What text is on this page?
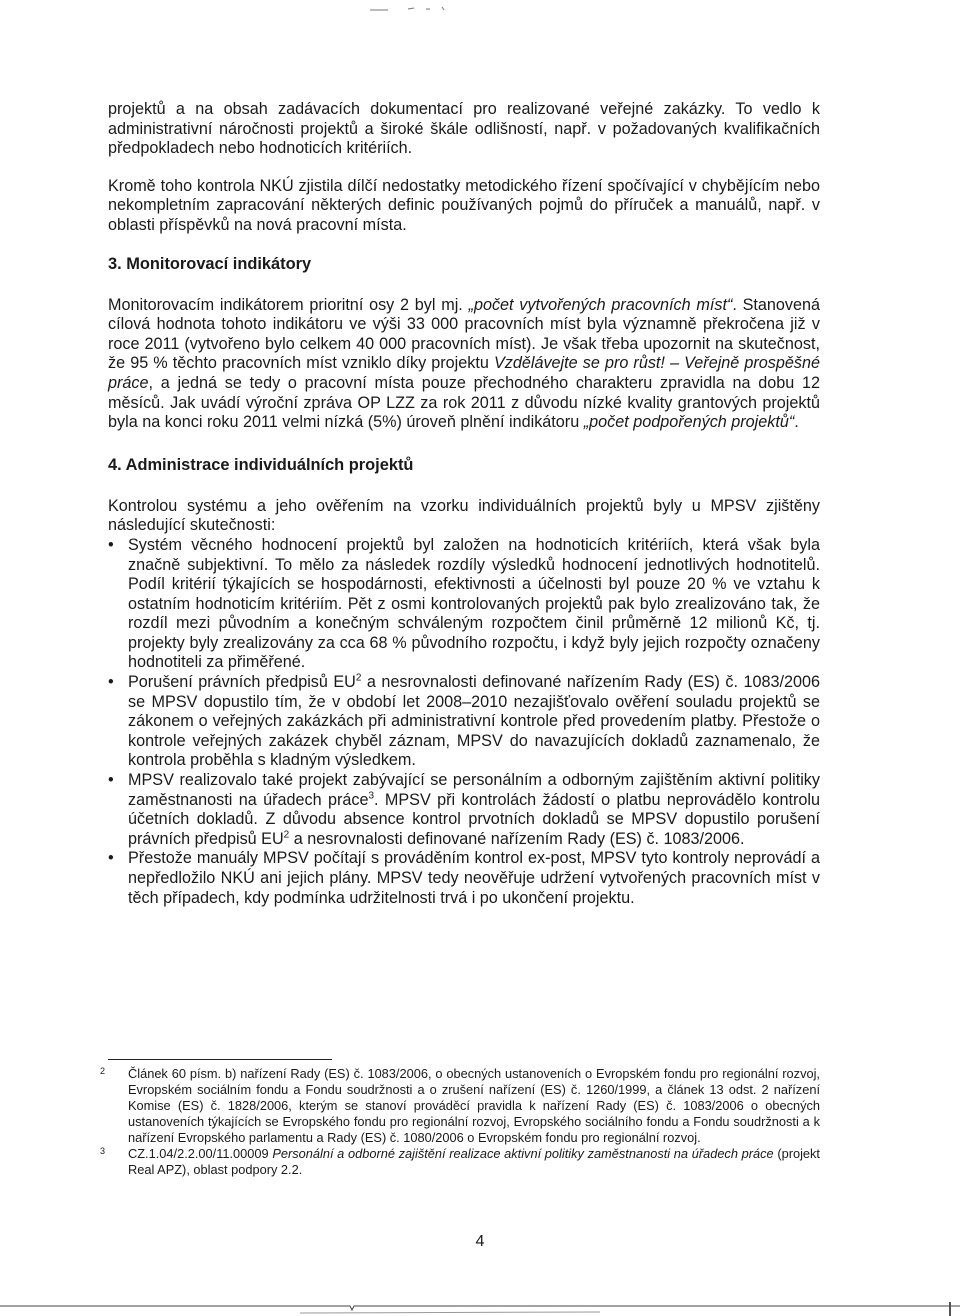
projektů a na obsah zadávacích dokumentací pro realizované veřejné zakázky. To vedlo k administrativní náročnosti projektů a široké škále odlišností, např. v požadovaných kvalifikačních předpokladech nebo hodnoticích kritériích.

Kromě toho kontrola NKÚ zjistila dílčí nedostatky metodického řízení spočívající v chybějícím nebo nekompletním zapracování některých definic používaných pojmů do příruček a manuálů, např. v oblasti příspěvků na nová pracovní místa.

3. Monitorovací indikátory

Monitorovacím indikátorem prioritní osy 2 byl mj. „počet vytvořených pracovních míst“. Stanovená cílová hodnota tohoto indikátoru ve výši 33 000 pracovních míst byla významně překročena již v roce 2011 (vytvořeno bylo celkem 40 000 pracovních míst). Je však třeba upozornit na skutečnost, že 95 % těchto pracovních míst vzniklo díky projektu Vzdělávejte se pro růst! – Veřejně prospěšné práce, a jedná se tedy o pracovní místa pouze přechodného charakteru zpravidla na dobu 12 měsíců. Jak uvádí výroční zpráva OP LZZ za rok 2011 z důvodu nízké kvality grantových projektů byla na konci roku 2011 velmi nízká (5%) úroveň plnění indikátoru „počet podpořených projektů“.

4. Administrace individuálních projektů

Kontrolou systému a jeho ověřením na vzorku individuálních projektů byly u MPSV zjištěny následující skutečnosti:

• Systém věcného hodnocení projektů byl založen na hodnoticích kritériích, která však byla značně subjektivní. To mělo za následek rozdíly výsledků hodnocení jednotlivých hodnotitelů. Podíl kritérií týkajících se hospodárnosti, efektivnosti a účelnosti byl pouze 20 % ve vztahu k ostatním hodnoticím kritériím. Pět z osmi kontrolovaných projektů pak bylo zrealizováno tak, že rozdíl mezi původním a konečným schváleným rozpočtem činil průměrně 12 milionů Kč, tj. projekty byly zrealizovány za cca 68 % původního rozpočtu, i když byly jejich rozpočty označeny hodnotiteli za přiměřené.
• Porušení právních předpisů $EU^2$ a nesrovnalosti definované nařízením Rady (ES) č. 1083/2006 se MPSV dopustilo tím, že v období let 2008–2010 nezajišťovalo ověření souladu projektů se zákonem o veřejných zakázkách při administrativní kontrole před provedením platby. Přestože o kontrole veřejných zakázek chyběl záznam, MPSV do navazujících dokladů zaznamenalo, že kontrola proběhla s kladným výsledkem.
• MPSV realizovalo také projekt zabývající se personálním a odborným zajištěním aktivní politiky zaměstnanosti na úřadech práce$^3$. MPSV při kontrolách žádostí o platbu neprovádělo kontrolu účetních dokladů. Z důvodu absence kontrol prvotních dokladů se MPSV dopustilo porušení právních předpisů $EU^2$ a nesrovnalosti definované nařízením Rady (ES) č. 1083/2006.
• Přestože manuály MPSV počítají s prováděním kontrol ex-post, MPSV tyto kontroly neprovádí a nepředložilo NKÚ ani jejich plány. MPSV tedy neověřuje udržení vytvořených pracovních míst v těch případech, kdy podmínka udržitelnosti trvá i po ukončení projektu.
2 Článek 60 písm. b) nařízení Rady (ES) č. 1083/2006, o obecných ustanoveních o Evropském fondu pro regionální rozvoj, Evropském sociálním fondu a Fondu soudržnosti a o zrušení nařízení (ES) č. 1260/1999, a článek 13 odst. 2 nařízení Komise (ES) č. 1828/2006, kterým se stanoví prováděcí pravidla k nařízení Rady (ES) č. 1083/2006 o obecných ustanoveních týkajících se Evropského fondu pro regionální rozvoj, Evropského sociálního fondu a Fondu soudržnosti a k nařízení Evropského parlamentu a Rady (ES) č. 1080/2006 o Evropském fondu pro regionální rozvoj.
3 CZ.1.04/2.2.00/11.00009 Personální a odborné zajištění realizace aktivní politiky zaměstnanosti na úřadech práce (projekt Real APZ), oblast podpory 2.2.
4
